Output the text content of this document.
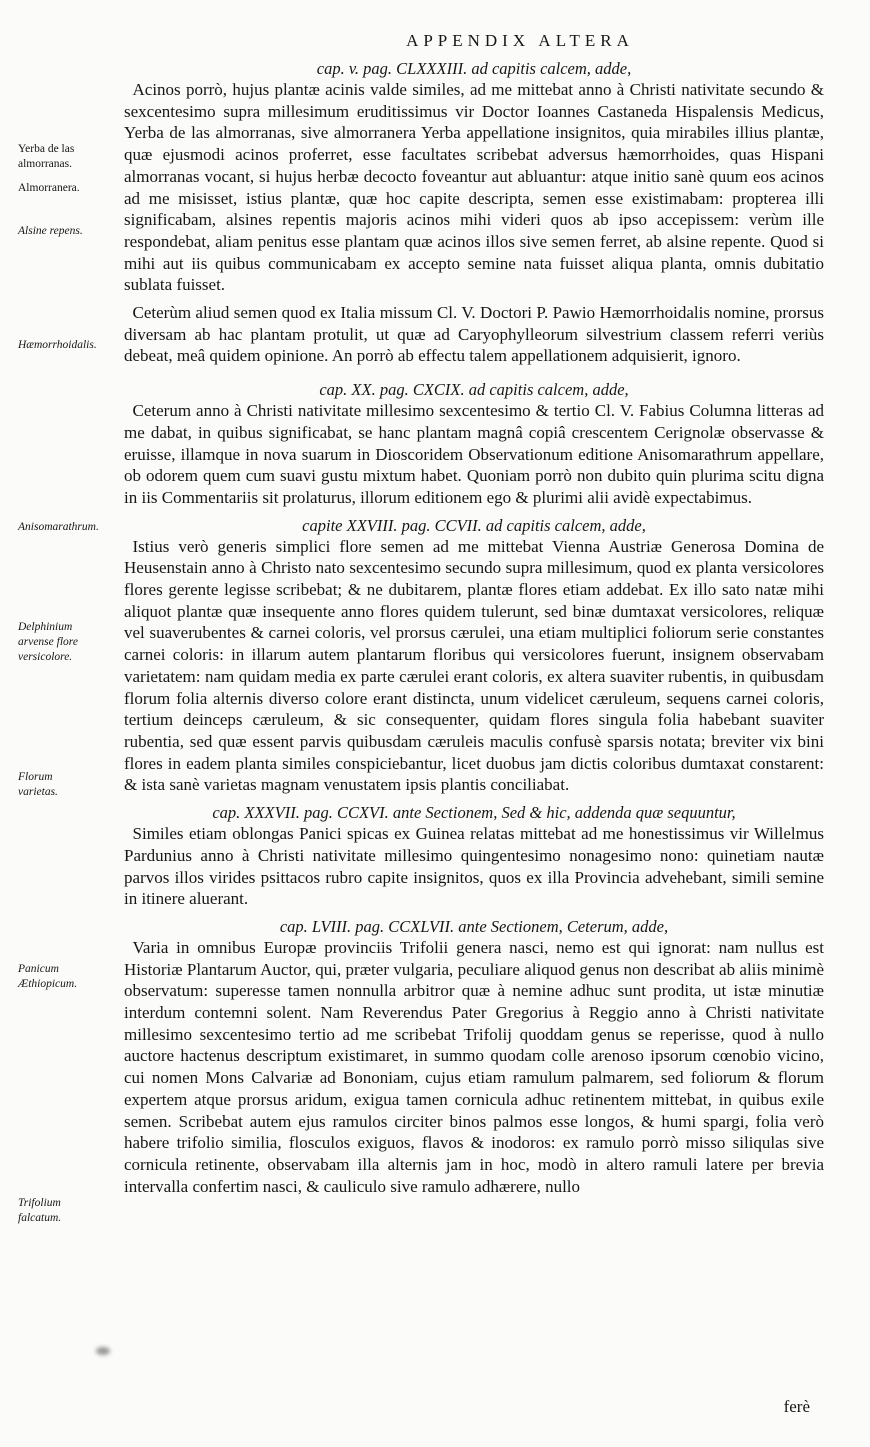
APPENDIX ALTERA
Yerba de las almorranas.
Almorranera.
Alsine repens.
Hæmorrhoidalis.
Anisomarathrum.
Delphinium arvense flore versicolore.
Florum varietas.
Panicum Æthiopicum.
Trifolium falcatum.

cap. v. pag. CLXXXIII. ad capitis calcem, adde,

Acinos porrò, hujus plantæ acinis valde similes, ad me mittebat anno à Christi nativitate secundo & sexcentesimo supra millesimum eruditissimus vir Doctor Ioannes Castaneda Hispalensis Medicus, Yerba de las almorranas, sive almorranera Yerba appellatione insignitos, quia mirabiles illius plantæ, quæ ejusmodi acinos proferret, esse facultates scribebat adversus hæmorrhoides, quas Hispani almorranas vocant, si hujus herbæ decocto foveantur aut abluantur: atque initio sanè quum eos acinos ad me misisset, istius plantæ, quæ hoc capite descripta, semen esse existimabam: propterea illi significabam, alsines repentis majoris acinos mihi videri quos ab ipso accepissem: verùm ille respondebat, aliam penitus esse plantam quæ acinos illos sive semen ferret, ab alsine repente. Quod si mihi aut iis quibus communicabam ex accepto semine nata fuisset aliqua planta, omnis dubitatio sublata fuisset.

Ceterùm aliud semen quod ex Italia missum Cl. V. Doctori P. Pawio Hæmorrhoidalis nomine, prorsus diversam ab hac plantam protulit, ut quæ ad Caryophylleorum silvestrium classem referri veriùs debeat, meâ quidem opinione. An porrò ab effectu talem appellationem adquisierit, ignoro.

cap. XX. pag. CXCIX. ad capitis calcem, adde,

Ceterum anno à Christi nativitate millesimo sexcentesimo & tertio Cl. V. Fabius Columna litteras ad me dabat, in quibus significabat, se hanc plantam magnâ copiâ crescentem Cerignolæ observasse & eruisse, illamque in nova suarum in Dioscoridem Observationum editione Anisomarathrum appellare, ob odorem quem cum suavi gustu mixtum habet. Quoniam porrò non dubito quin plurima scitu digna in iis Commentariis sit prolaturus, illorum editionem ego & plurimi alii avidè expectabimus.

capite XXVIII. pag. CCVII. ad capitis calcem, adde,

Istius verò generis simplici flore semen ad me mittebat Vienna Austriæ Generosa Domina de Heusenstain anno à Christo nato sexcentesimo secundo supra millesimum, quod ex planta versicolores flores gerente legisse scribebat; & ne dubitarem, plantæ flores etiam addebat. Ex illo sato natæ mihi aliquot plantæ quæ insequente anno flores quidem tulerunt, sed binæ dumtaxat versicolores, reliquæ vel suaverubentes & carnei coloris, vel prorsus cærulei, una etiam multiplici foliorum serie constantes carnei coloris: in illarum autem plantarum floribus qui versicolores fuerunt, insignem observabam varietatem: nam quidam media ex parte cærulei erant coloris, ex altera suaviter rubentis, in quibusdam florum folia alternis diverso colore erant distincta, unum videlicet cæruleum, sequens carnei coloris, tertium deinceps cæruleum, & sic consequenter, quidam flores singula folia habebant suaviter rubentia, sed quæ essent parvis quibusdam cæruleis maculis confusè sparsis notata; breviter vix bini flores in eadem planta similes conspiciebantur, licet duobus jam dictis coloribus dumtaxat constarent: & ista sanè varietas magnam venustatem ipsis plantis conciliabat.

cap. XXXVII. pag. CCXVI. ante Sectionem, Sed & hic, addenda quæ sequuntur,

Similes etiam oblongas Panici spicas ex Guinea relatas mittebat ad me honestissimus vir Willelmus Pardunius anno à Christi nativitate millesimo quingentesimo nonagesimo nono: quinetiam nautæ parvos illos virides psittacos rubro capite insignitos, quos ex illa Provincia advehebant, simili semine in itinere aluerant.

cap. LVIII. pag. CCXLVII. ante Sectionem, Ceterum, adde,

Varia in omnibus Europæ provinciis Trifolii genera nasci, nemo est qui ignorat: nam nullus est Historiæ Plantarum Auctor, qui, præter vulgaria, peculiare aliquod genus non describat ab aliis minimè observatum: superesse tamen nonnulla arbitror quæ à nemine adhuc sunt prodita, ut istæ minutiæ interdum contemni solent. Nam Reverendus Pater Gregorius à Reggio anno à Christi nativitate millesimo sexcentesimo tertio ad me scribebat Trifolij quoddam genus se reperisse, quod à nullo auctore hactenus descriptum existimaret, in summo quodam colle arenoso ipsorum cœnobio vicino, cui nomen Mons Calvariæ ad Bononiam, cujus etiam ramulum palmarem, sed foliorum & florum expertem atque prorsus aridum, exigua tamen cornicula adhuc retinentem mittebat, in quibus exile semen. Scribebat autem ejus ramulos circiter binos palmos esse longos, & humi spargi, folia verò habere trifolio similia, flosculos exiguos, flavos & inodoros: ex ramulo porrò misso siliqulas sive cornicula retinente, observabam illa alternis jam in hoc, modò in altero ramuli latere per brevia intervalla confertim nasci, & cauliculo sive ramulo adhærere, nullo

ferè
